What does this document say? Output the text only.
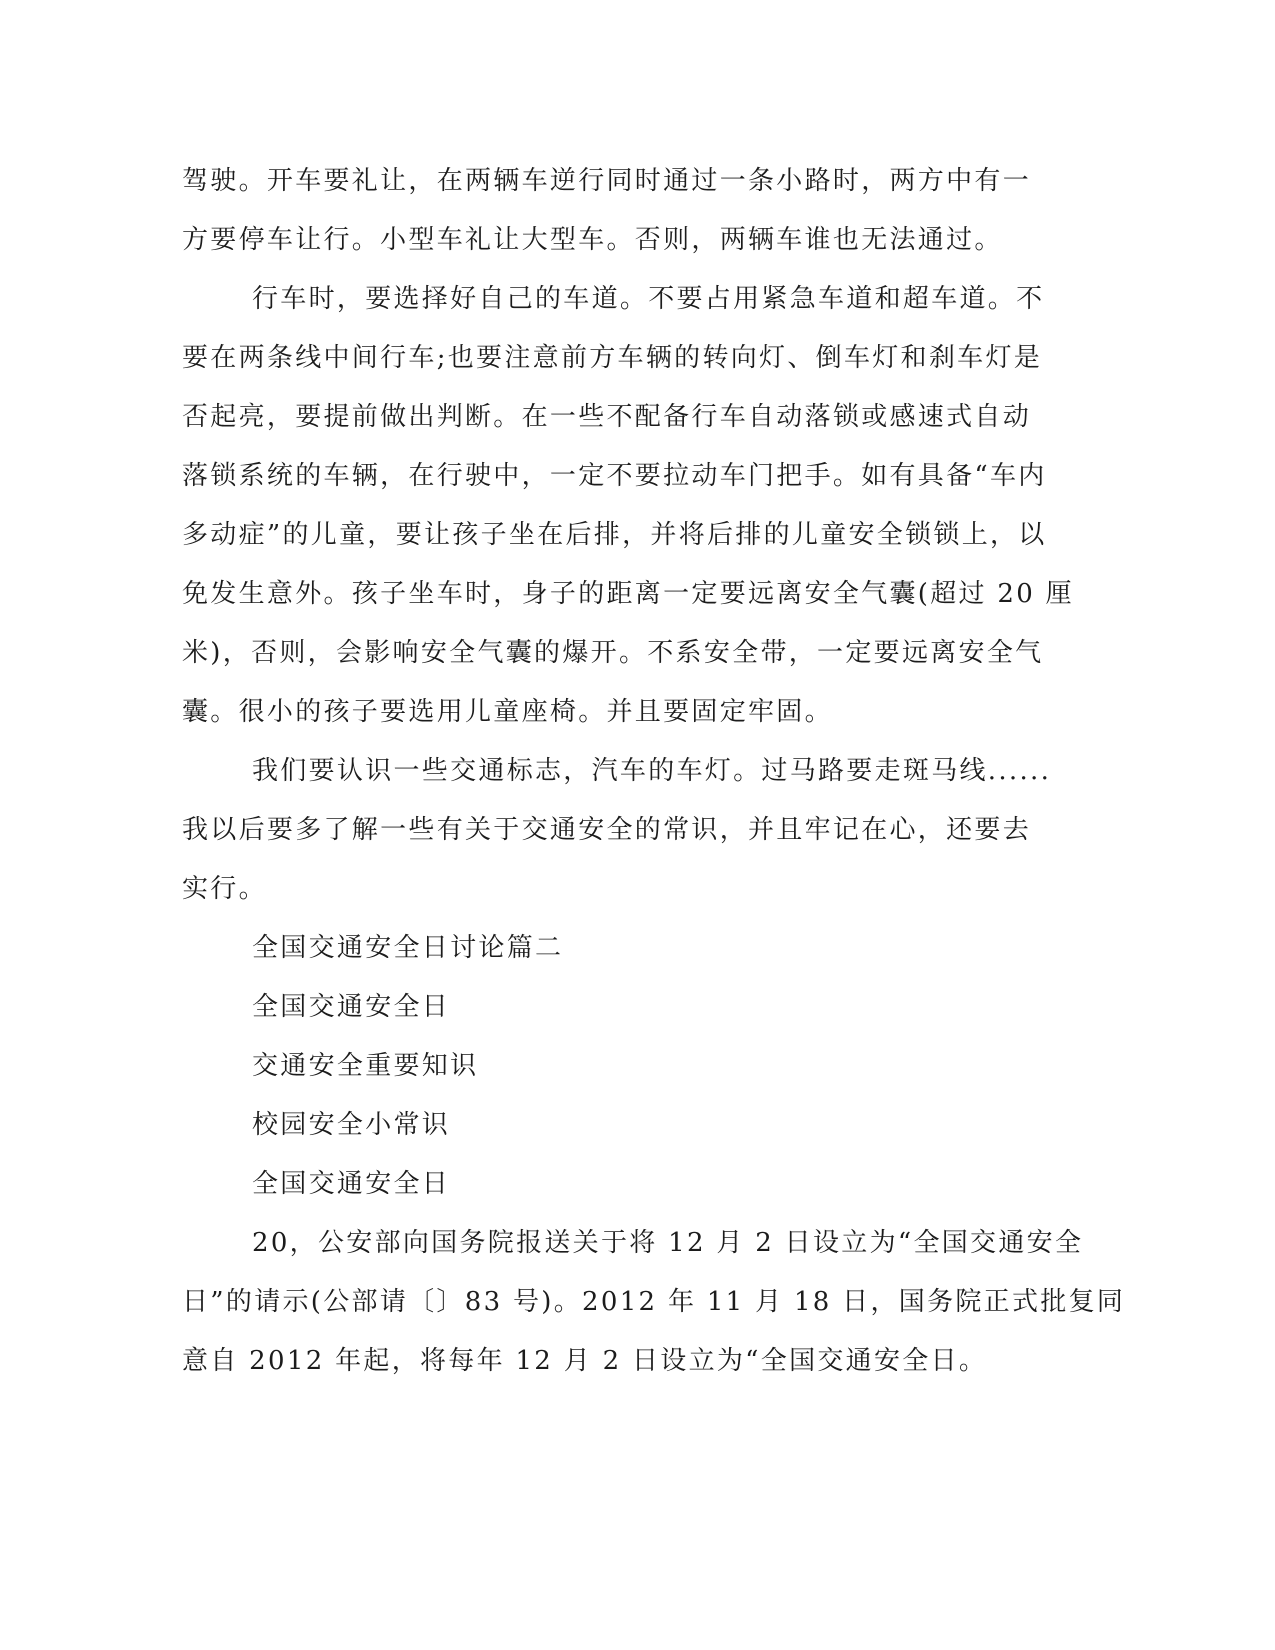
驾驶。开车要礼让，在两辆车逆行同时通过一条小路时，两方中有一
方要停车让行。小型车礼让大型车。否则，两辆车谁也无法通过。
行车时，要选择好自己的车道。不要占用紧急车道和超车道。不
要在两条线中间行车;也要注意前方车辆的转向灯、倒车灯和刹车灯是
否起亮，要提前做出判断。在一些不配备行车自动落锁或感速式自动
落锁系统的车辆，在行驶中，一定不要拉动车门把手。如有具备“车内
多动症”的儿童，要让孩子坐在后排，并将后排的儿童安全锁锁上，以
免发生意外。孩子坐车时，身子的距离一定要远离安全气囊(超过 20 厘
米)，否则，会影响安全气囊的爆开。不系安全带，一定要远离安全气
囊。很小的孩子要选用儿童座椅。并且要固定牢固。
我们要认识一些交通标志，汽车的车灯。过马路要走斑马线......
我以后要多了解一些有关于交通安全的常识，并且牢记在心，还要去
实行。
全国交通安全日讨论篇二
全国交通安全日
交通安全重要知识
校园安全小常识
全国交通安全日
20，公安部向国务院报送关于将 12 月 2 日设立为“全国交通安全
日”的请示(公部请〔〕83 号)。2012 年 11 月 18 日，国务院正式批复同
意自 2012 年起，将每年 12 月 2 日设立为“全国交通安全日。
